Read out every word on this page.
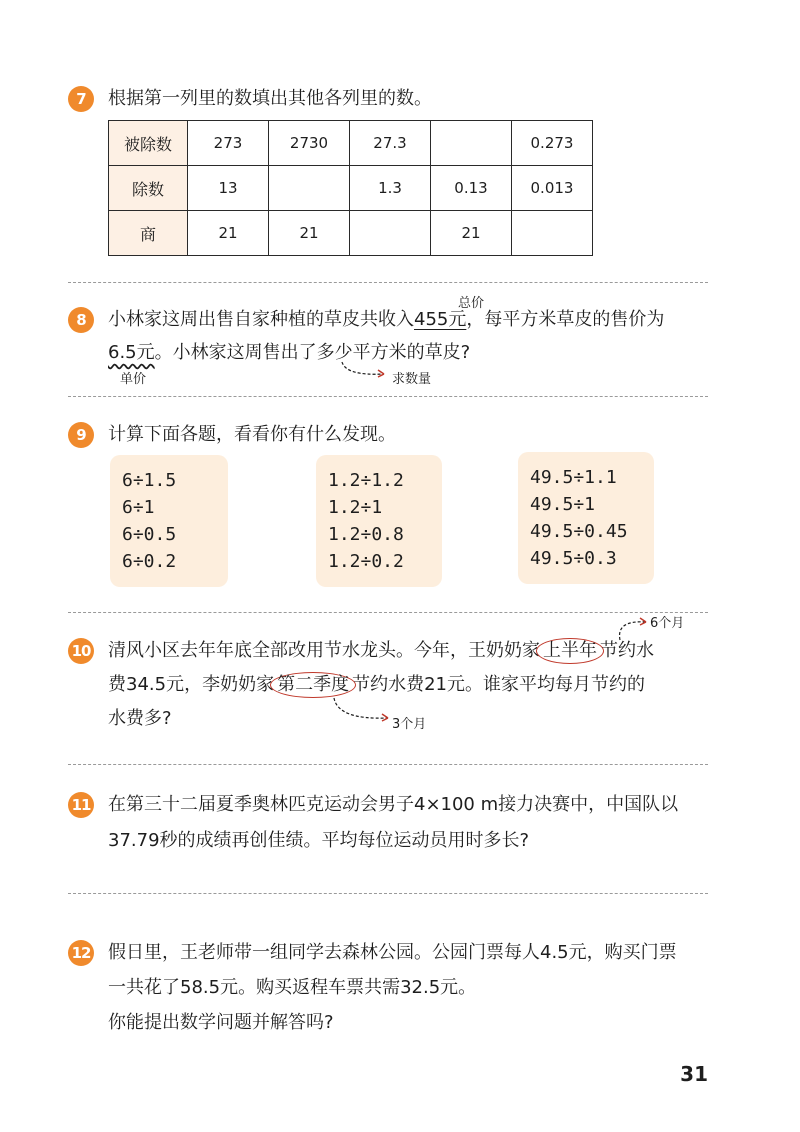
7	根据第一列里的数填出其他各列里的数。
被除数	273	2730	27.3		0.273
除数	13		1.3	0.13	0.013
商	21	21		21	
总价
8	小林家这周出售自家种植的草皮共收入455元，每平方米草皮的售价为
6.5元。小林家这周售出了多少平方米的草皮?
单价	求数量
9	计算下面各题，看看你有什么发现。
6÷1.5
6÷1
6÷0.5
6÷0.2
1.2÷1.2
1.2÷1
1.2÷0.8
1.2÷0.2
49.5÷1.1
49.5÷1
49.5÷0.45
49.5÷0.3
6个月
10 清风小区去年年底全部改用节水龙头。今年，王奶奶家 上半年 节约水
费34.5元，李奶奶家 第二季度 节约水费21元。谁家平均每月节约的
水费多?	3个月
11 在第三十二届夏季奥林匹克运动会男子4×100 m接力决赛中，中国队以
37.79秒的成绩再创佳绩。平均每位运动员用时多长?
12 假日里，王老师带一组同学去森林公园。公园门票每人4.5元，购买门票
一共花了58.5元。购买返程车票共需32.5元。
你能提出数学问题并解答吗?
31
